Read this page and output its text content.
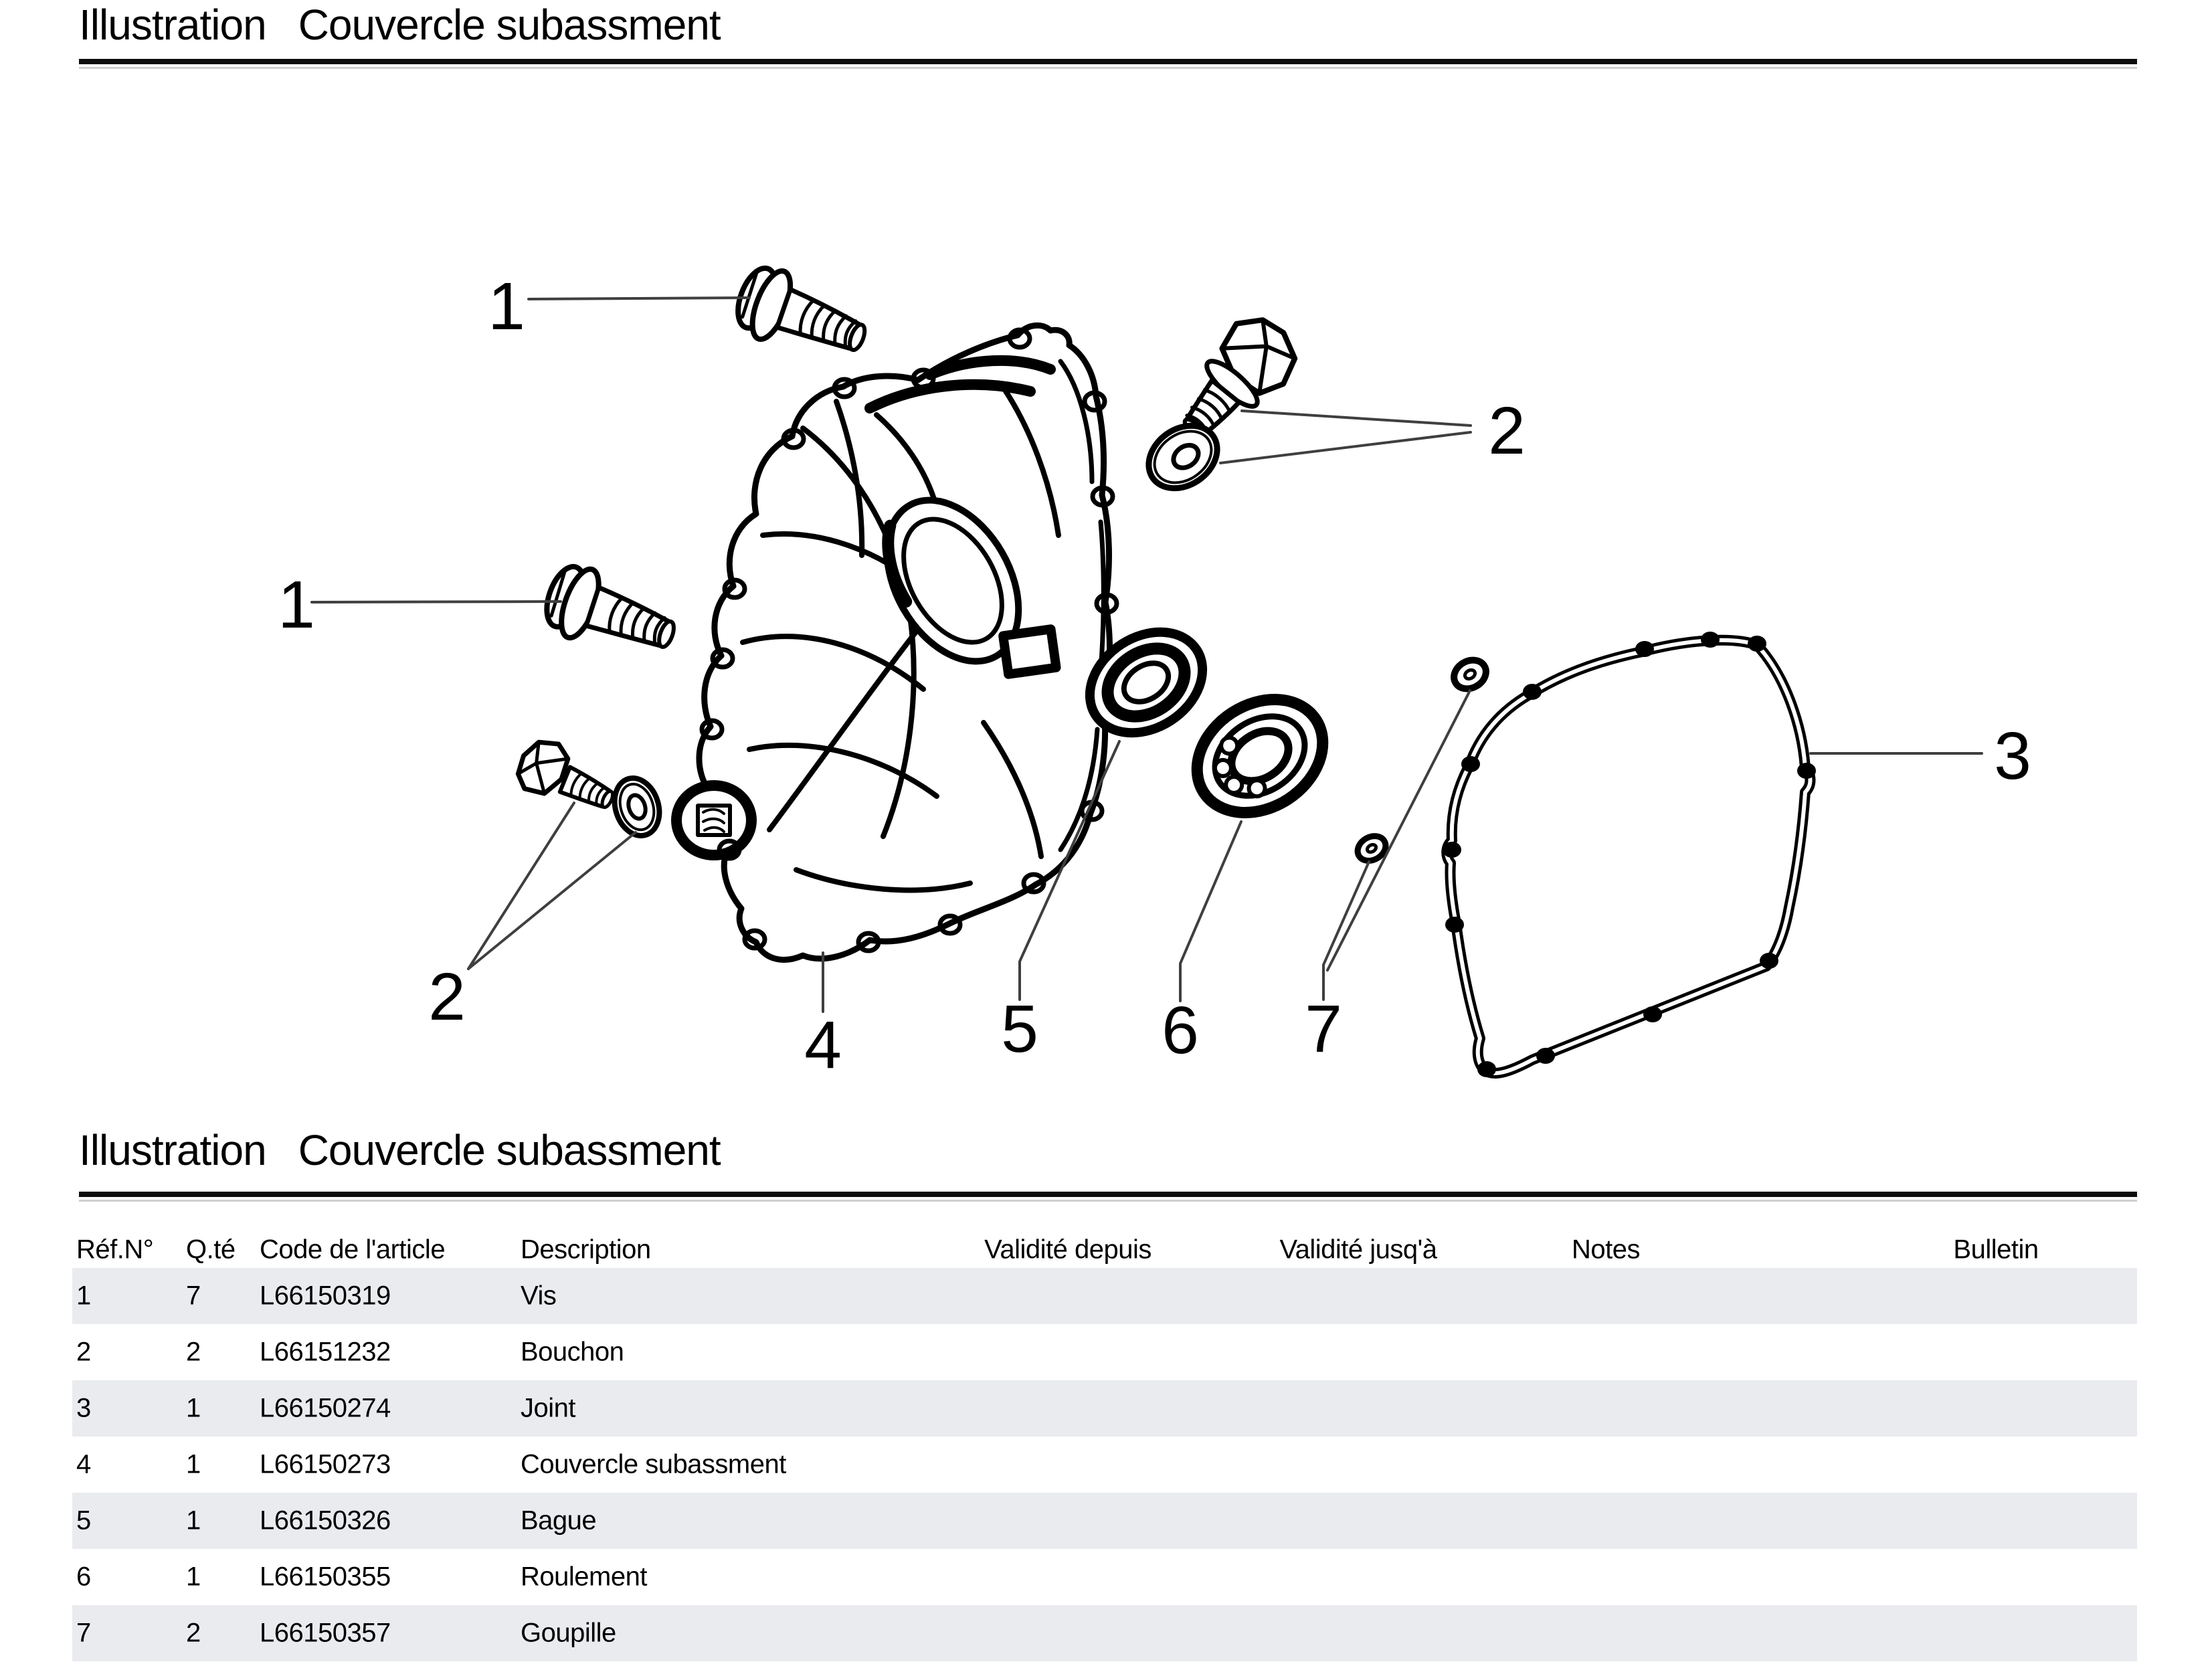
Illustration Couvercle subassment
1
1
2
2
3
4 5 6 7
Illustration Couvercle subassment
Réf.N° Q.té Code de l'article	Description	Validité depuis	Validité jusq'à	Notes	Bulletin
1	7 L66150319	Vis
2	2 L66151232	Bouchon
3	1 L66150274	Joint
4	1 L66150273	Couvercle subassment
5	1 L66150326	Bague
6	1 L66150355	Roulement
7	2 L66150357	Goupille
